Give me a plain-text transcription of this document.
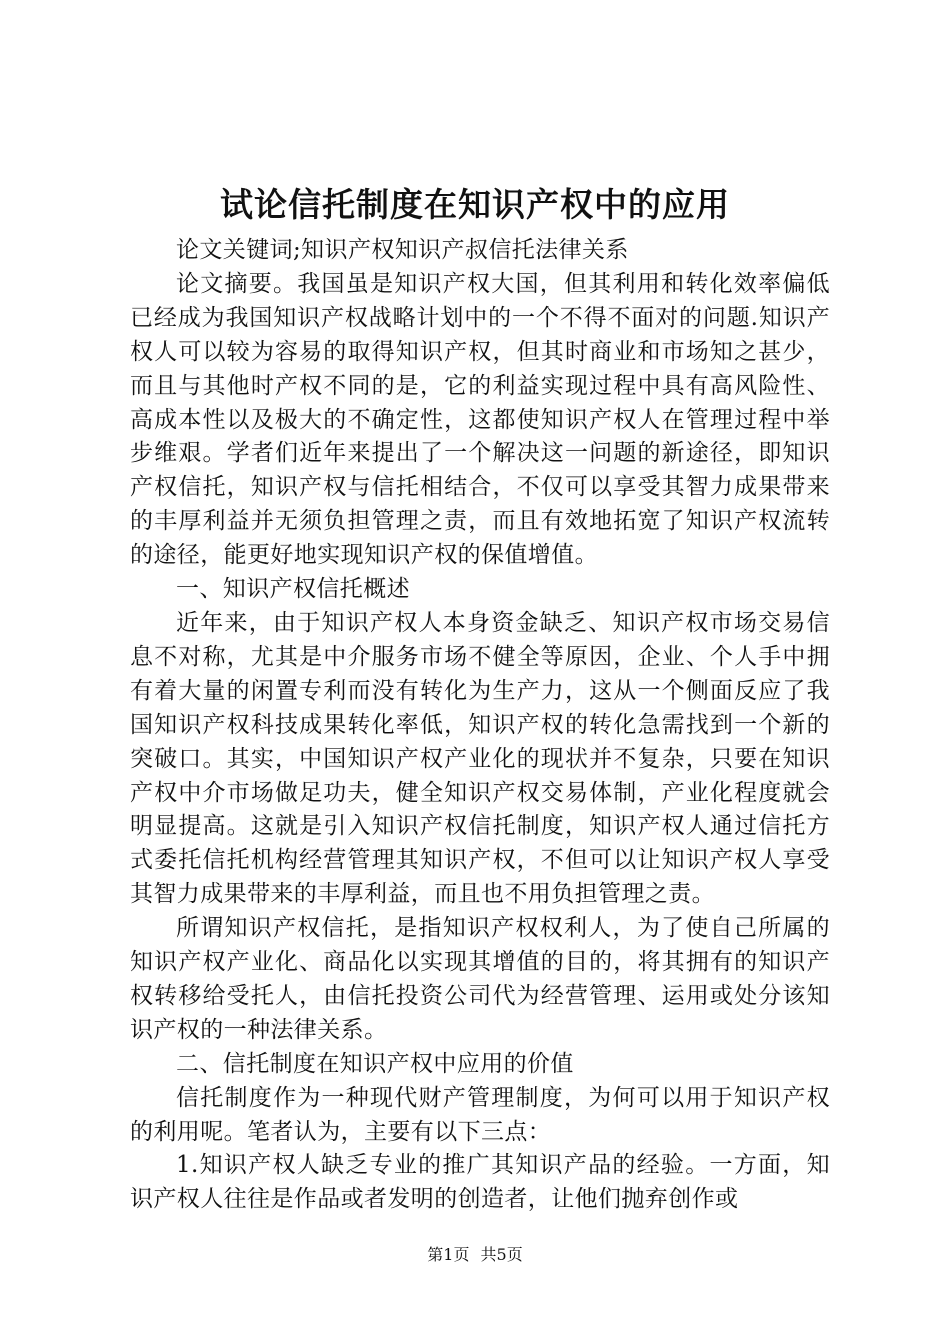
试论信托制度在知识产权中的应用

论文关键词;知识产权知识产叔信托法律关系

论文摘要。我国虽是知识产权大国，但其利用和转化效率偏低已经成为我国知识产权战略计划中的一个不得不面对的问题.知识产权人可以较为容易的取得知识产权，但其时商业和市场知之甚少，而且与其他时产权不同的是，它的利益实现过程中具有高风险性、高成本性以及极大的不确定性，这都使知识产权人在管理过程中举步维艰。学者们近年来提出了一个解决这一问题的新途径，即知识产权信托，知识产权与信托相结合，不仅可以享受其智力成果带来的丰厚利益并无须负担管理之责，而且有效地拓宽了知识产权流转的途径，能更好地实现知识产权的保值增值。

一、知识产权信托概述

近年来，由于知识产权人本身资金缺乏、知识产权市场交易信息不对称，尤其是中介服务市场不健全等原因，企业、个人手中拥有着大量的闲置专利而没有转化为生产力，这从一个侧面反应了我国知识产权科技成果转化率低，知识产权的转化急需找到一个新的突破口。其实，中国知识产权产业化的现状并不复杂，只要在知识产权中介市场做足功夫，健全知识产权交易体制，产业化程度就会明显提高。这就是引入知识产权信托制度，知识产权人通过信托方式委托信托机构经营管理其知识产权，不但可以让知识产权人享受其智力成果带来的丰厚利益，而且也不用负担管理之责。

所谓知识产权信托，是指知识产权权利人，为了使自己所属的知识产权产业化、商品化以实现其增值的目的，将其拥有的知识产权转移给受托人，由信托投资公司代为经营管理、运用或处分该知识产权的一种法律关系。

二、信托制度在知识产权中应用的价值

信托制度作为一种现代财产管理制度，为何可以用于知识产权的利用呢。笔者认为，主要有以下三点：

1.知识产权人缺乏专业的推广其知识产品的经验。一方面，知识产权人往往是作品或者发明的创造者，让他们抛弃创作或

第1页 共5页
